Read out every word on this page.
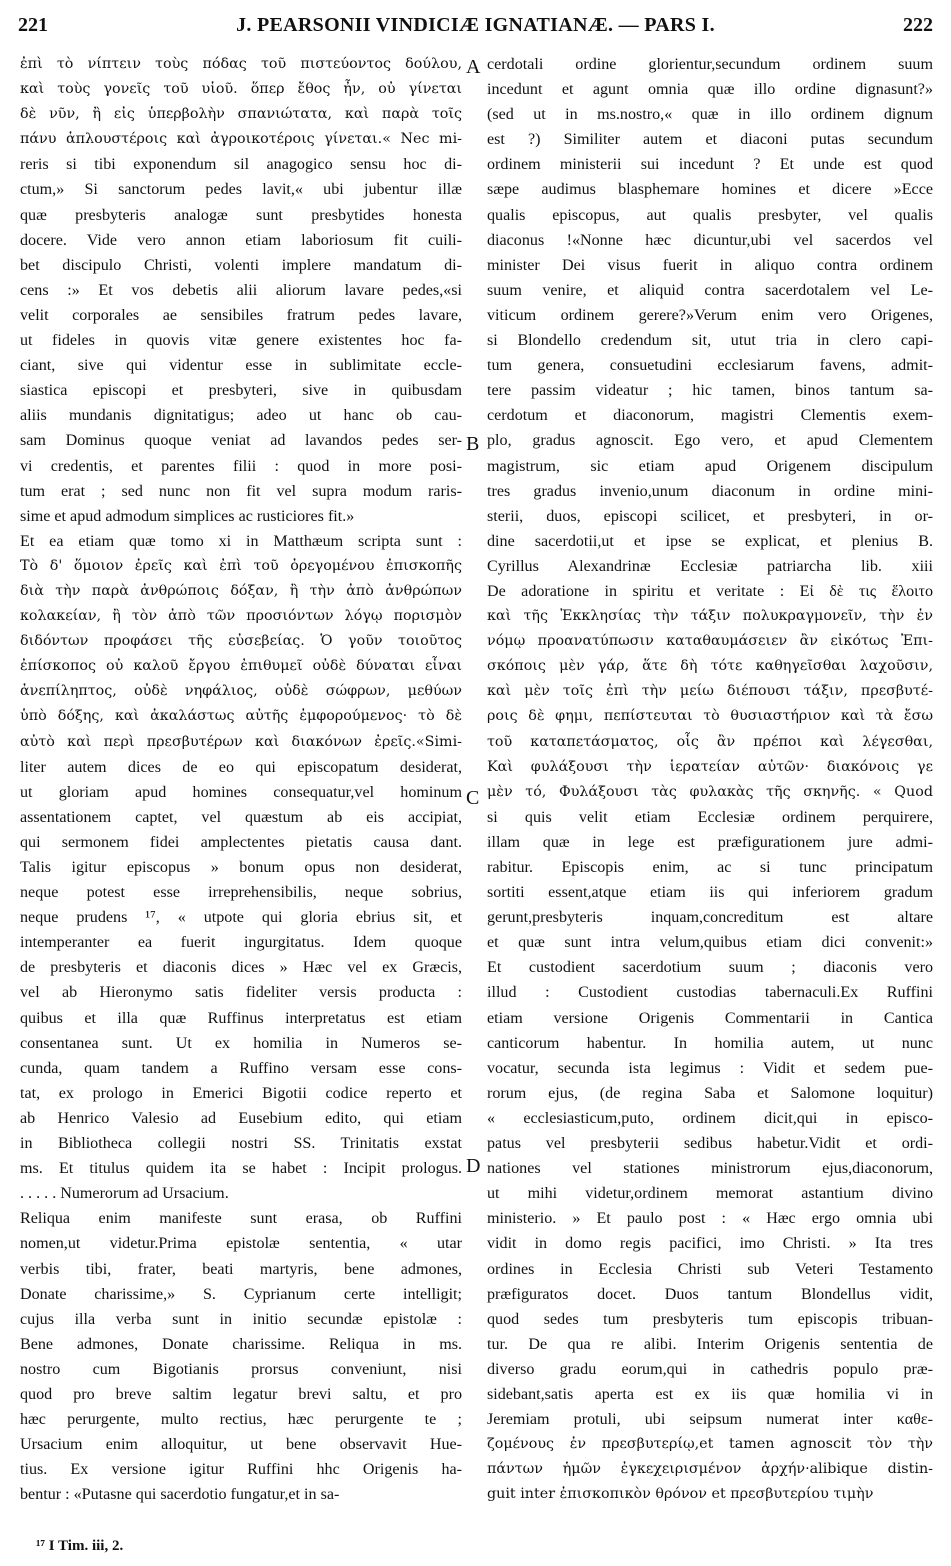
221	J. PEARSONII VINDICIÆ IGNATIANÆ. — PARS I.	222
ἐπὶ τὸ νίπτειν τοὺς πόδας τοῦ πιστεύοντος δούλου,
καὶ τοὺς γονεῖς τοῦ υἱοῦ. ὅπερ ἔθος ἦν, οὐ γίνεται
δὲ νῦν, ἢ εἰς ὑπερβολὴν σπανιώτατα, καὶ παρὰ τοῖς
πάνυ ἁπλουστέροις καὶ ἀγροικοτέροις γίνεται.« Nec mi-
reris si tibi exponendum sil anagogico sensu hoc di-
ctum,» Si sanctorum pedes lavit,« ubi jubentur illæ
quæ presbyteris analogæ sunt presbytides honesta
docere. Vide vero annon etiam laboriosum fit cuili-
bet discipulo Christi, volenti implere mandatum di-
cens :» Et vos debetis alii aliorum lavare pedes,«si
velit corporales ae sensibiles fratrum pedes lavare,
ut fideles in quovis vitæ genere existentes hoc fa-
ciant, sive qui videntur esse in sublimitate eccle-
siastica episcopi et presbyteri, sive in quibusdam
aliis mundanis dignitatigus; adeo ut hanc ob cau-
sam Dominus quoque veniat ad lavandos pedes ser-
vi credentis, et parentes filii : quod in more posi-
tum erat ; sed nunc non fit vel supra modum raris-
sime et apud admodum simplices ac rusticiores fit.»
Et ea etiam quæ tomo xi in Matthæum scripta sunt :
Τὸ δ' ὅμοιον ἐρεῖς καὶ ἐπὶ τοῦ ὀρεγομένου ἐπισκοπῆς
διὰ τὴν παρὰ ἀνθρώποις δόξαν, ἢ τὴν ἀπὸ ἀνθρώπων
κολακείαν, ἢ τὸν ἀπὸ τῶν προσιόντων λόγῳ πορισμὸν
διδόντων προφάσει τῆς εὐσεβείας. Ὁ γοῦν τοιοῦτος
ἐπίσκοπος οὐ καλοῦ ἔργου ἐπιθυμεῖ οὐδὲ δύναται εἶναι
ἀνεπίληπτος, οὐδὲ νηφάλιος, οὐδὲ σώφρων, μεθύων
ὑπὸ δόξης, καὶ ἀκαλάστως αὐτῆς ἐμφορούμενος· τὸ δὲ
αὐτὸ καὶ περὶ πρεσβυτέρων καὶ διακόνων ἐρεῖς.«Simi-
liter autem dices de eo qui episcopatum desiderat,
ut gloriam apud homines consequatur,vel hominum
assentationem captet, vel quæstum ab eis accipiat,
qui sermonem fidei amplectentes pietatis causa dant.
Talis igitur episcopus » bonum opus non desiderat,
neque potest esse irreprehensibilis, neque sobrius,
neque prudens ¹⁷, « utpote qui gloria ebrius sit, et
intemperanter ea fuerit ingurgitatus. Idem quoque
de presbyteris et diaconis dices » Hæc vel ex Græcis,
vel ab Hieronymo satis fideliter versis producta :
quibus et illa quæ Ruffinus interpretatus est etiam
consentanea sunt. Ut ex homilia in Numeros se-
cunda, quam tandem a Ruffino versam esse cons-
tat, ex prologo in Emerici Bigotii codice reperto et
ab Henrico Valesio ad Eusebium edito, qui etiam
in Bibliotheca collegii nostri SS. Trinitatis exstat
ms. Et titulus quidem ita se habet : Incipit prologus.
. . . . . Numerorum ad Ursacium.
Reliqua enim manifeste sunt erasa, ob Ruffini
nomen,ut videtur.Prima epistolæ sententia, « utar
verbis tibi, frater, beati martyris, bene admones,
Donate charissime,» S. Cyprianum certe intelligit;
cujus illa verba sunt in initio secundæ epistolæ :
Bene admones, Donate charissime. Reliqua in ms.
nostro cum Bigotianis prorsus conveniunt, nisi
quod pro breve saltim legatur brevi saltu, et pro
hæc perurgente, multo rectius, hæc perurgente te ;
Ursacium enim alloquitur, ut bene observavit Hue-
tius. Ex versione igitur Ruffini hhc Origenis ha-
bentur : «Putasne qui sacerdotio fungatur,et in sa-
cerdotali ordine glorientur,secundum ordinem suum
incedunt et agunt omnia quæ illo ordine dignasunt?»
(sed ut in ms.nostro,« quæ in illo ordinem dignum
est ?) Similiter autem et diaconi putas secundum
ordinem ministerii sui incedunt ? Et unde est quod
sæpe audimus blasphemare homines et dicere »Ecce
qualis episcopus, aut qualis presbyter, vel qualis
diaconus !«Nonne hæc dicuntur,ubi vel sacerdos vel
minister Dei visus fuerit in aliquo contra ordinem
suum venire, et aliquid contra sacerdotalem vel Le-
viticum ordinem gerere?»Verum enim vero Origenes,
si Blondello credendum sit, utut tria in clero capi-
tum genera, consuetudini ecclesiarum favens, admit-
tere passim videatur ; hic tamen, binos tantum sa-
cerdotum et diaconorum, magistri Clementis exem-
plo, gradus agnoscit. Ego vero, et apud Clementem
magistrum, sic etiam apud Origenem discipulum
tres gradus invenio,unum diaconum in ordine mini-
sterii, duos, episcopi scilicet, et presbyteri, in or-
dine sacerdotii,ut et ipse se explicat, et plenius B.
Cyrillus Alexandrinæ Ecclesiæ patriarcha lib. xiii
De adoratione in spiritu et veritate : Εἰ δὲ τις ἕλοιτο
καὶ τῆς Ἐκκλησίας τὴν τάξιν πολυκραγμονεῖν, τὴν ἐν
νόμῳ προανατύπωσιν καταθαυμάσειεν ἂν εἰκότως Ἐπι-
σκόποις μὲν γάρ, ἅτε δὴ τότε καθηγεῖσθαι λαχοῦσιν,
καὶ μὲν τοῖς ἐπὶ τὴν μείω διέπουσι τάξιν, πρεσβυτέ-
ροις δὲ φημι, πεπίστευται τὸ θυσιαστήριον καὶ τὰ ἔσω
τοῦ καταπετάσματος, οἷς ἂν πρέποι καὶ λέγεσθαι,
Καὶ φυλάξουσι τὴν ἱερατείαν αὐτῶν· διακόνοις γε
μὲν τό, Φυλάξουσι τὰς φυλακὰς τῆς σκηνῆς. « Quod
si quis velit etiam Ecclesiæ ordinem perquirere,
illam quæ in lege est præfigurationem jure admi-
rabitur. Episcopis enim, ac si tunc principatum
sortiti essent,atque etiam iis qui inferiorem gradum
gerunt,presbyteris inquam,concreditum est altare
et quæ sunt intra velum,quibus etiam dici convenit:»
Et custodient sacerdotium suum ; diaconis vero
illud : Custodient custodias tabernaculi.Ex Ruffini
etiam versione Origenis Commentarii in Cantica
canticorum habentur. In homilia autem, ut nunc
vocatur, secunda ista legimus : Vidit et sedem pue-
rorum ejus, (de regina Saba et Salomone loquitur)
« ecclesiasticum,puto, ordinem dicit,qui in episco-
patus vel presbyterii sedibus habetur.Vidit et ordi-
nationes vel stationes ministrorum ejus,diaconorum,
ut mihi videtur,ordinem memorat astantium divino
ministerio. » Et paulo post : « Hæc ergo omnia ubi
vidit in domo regis pacifici, imo Christi. » Ita tres
ordines in Ecclesia Christi sub Veteri Testamento
præfiguratos docet. Duos tantum Blondellus vidit,
quod sedes tum presbyteris tum episcopis tribuan-
tur. De qua re alibi. Interim Origenis sententia de
diverso gradu eorum,qui in cathedris populo præ-
sidebant,satis aperta est ex iis quæ homilia vi in
Jeremiam protuli, ubi seipsum numerat inter καθε-
ζομένους ἐν πρεσβυτερίῳ,et tamen agnoscit τὸν τὴν
πάντων ἡμῶν ἐγκεχειρισμένον ἀρχήν·alibique distin-
guit inter ἐπισκοπικὸν θρόνον et πρεσβυτερίου τιμὴν
A
B
C
D
¹⁷ I Tim. iii, 2.
